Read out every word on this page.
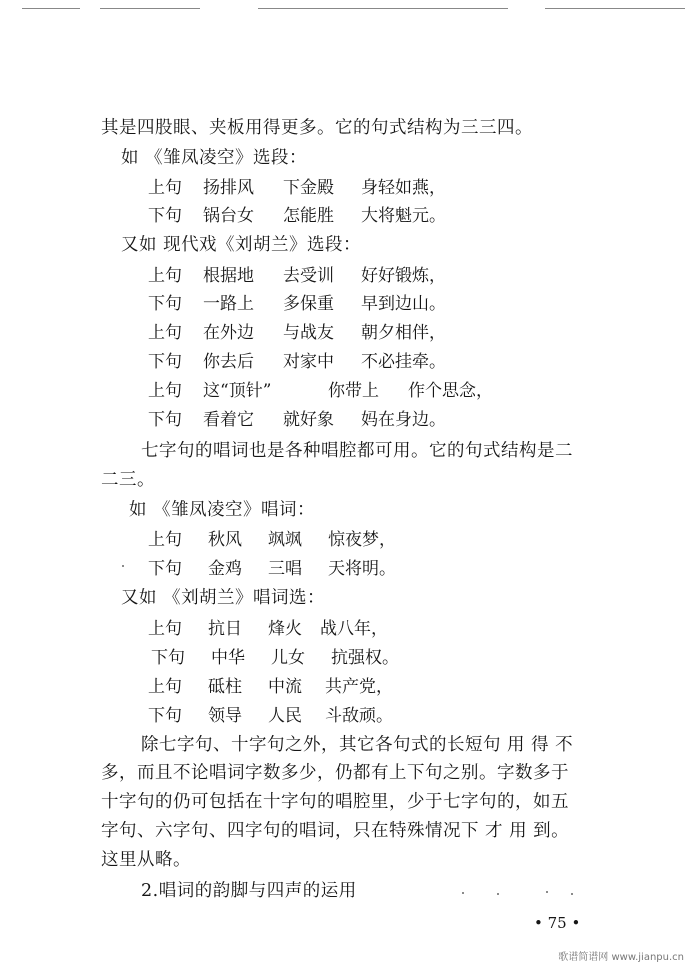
其是四股眼、夹板用得更多。它的句式结构为三三四。
如 《雏凤凌空》选段：
上句 扬排风 下金殿 身轻如燕，
下句 锅台女 怎能胜 大将魁元。
又如 现代戏《刘胡兰》选段：
上句 根据地 去受训 好好锻炼，
下句 一路上 多保重 早到边山。
上句 在外边 与战友 朝夕相伴，
下句 你去后 对家中 不必挂牵。
上句 这“顶针”	你带上 作个思念，
下句 看着它 就好象 妈在身边。
七字句的唱词也是各种唱腔都可用。它的句式结构是二
二三。
如 《雏凤凌空》唱词：
上句 秋风 飒飒 惊夜梦，
下句 金鸡 三唱 天将明。
又如 《刘胡兰》唱词选：
上句 抗日 烽火 战八年，
下句 中华 儿女 抗强权。
上句 砥柱 中流 共产党，
下句 领导 人民 斗敌顽。
除七字句、十字句之外，其它各句式的长短句 用 得 不
多，而且不论唱词字数多少，仍都有上下句之别。字数多于
十字句的仍可包括在十字句的唱腔里，少于七字句的，如五
字句、六字句、四字句的唱词，只在特殊情况下 才 用 到。
这里从略。
2.唱词的韵脚与四声的运用
• 75 •
歌谱简谱网 www.jianpu.cn
